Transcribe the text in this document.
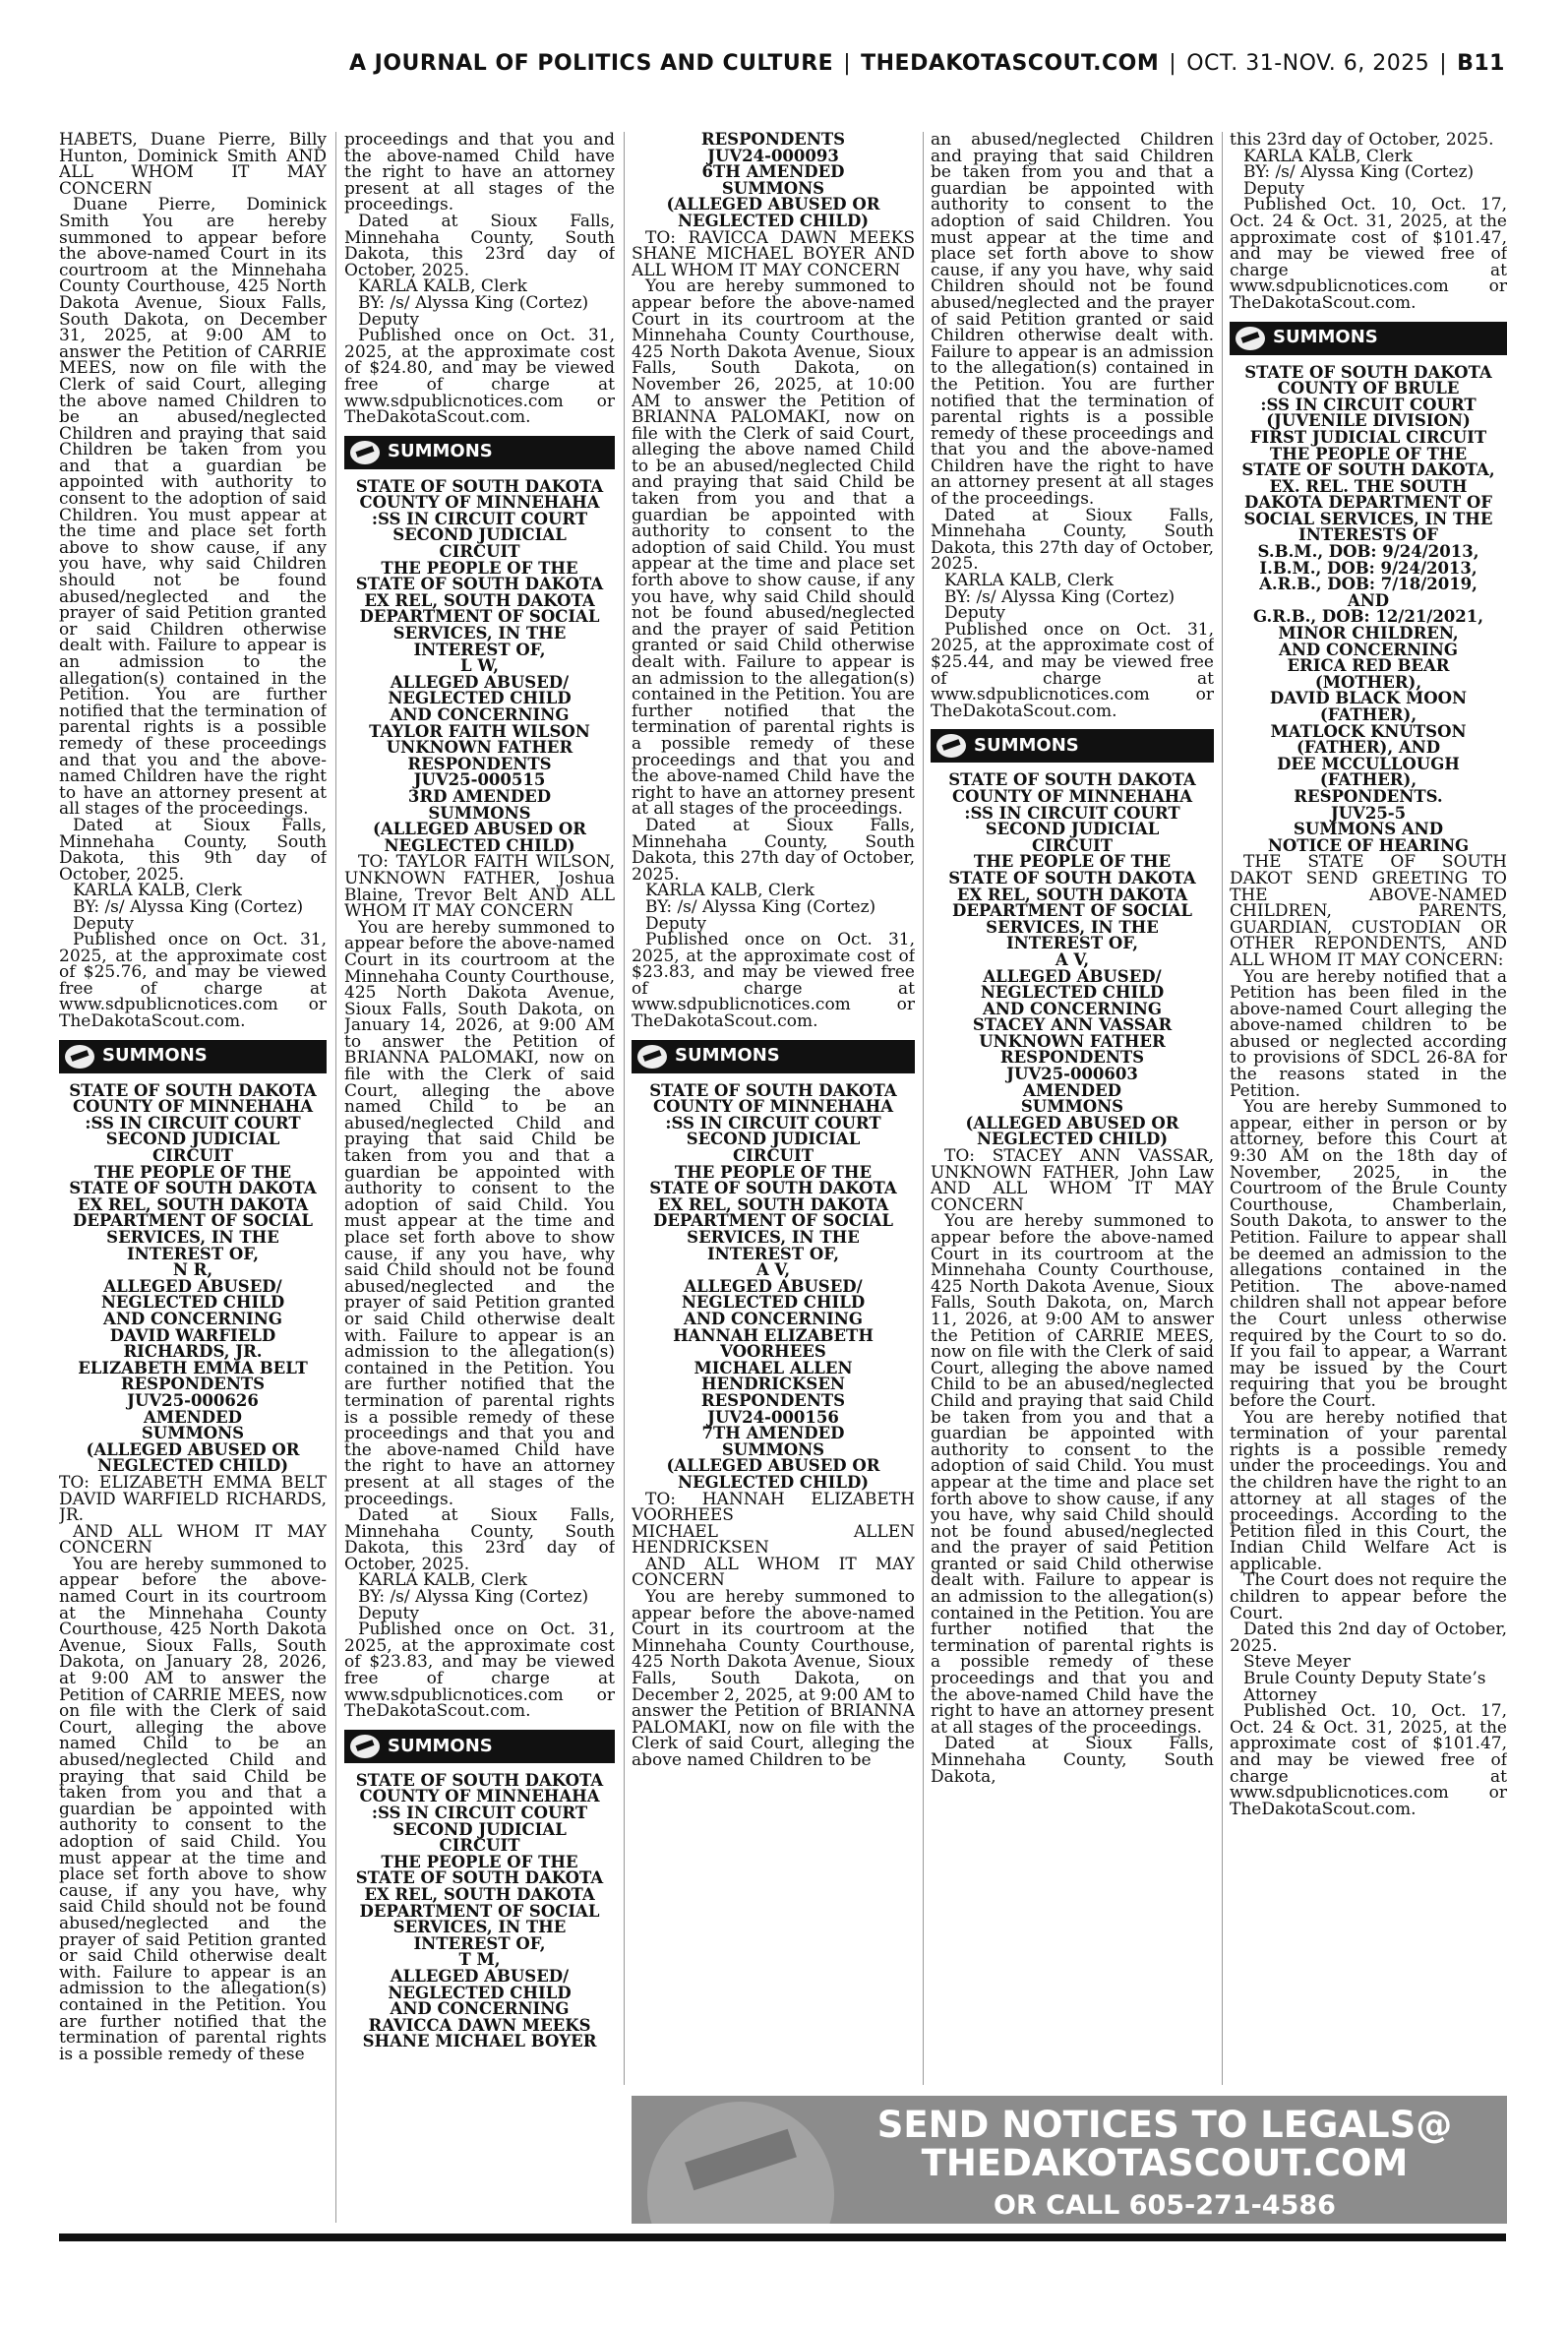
A JOURNAL OF POLITICS AND CULTURE | THEDAKOTASCOUT.COM | OCT. 31-NOV. 6, 2025 | B11

HABETS, Duane Pierre, Billy Hunton, Dominick Smith AND ALL WHOM IT MAY CONCERN

Duane Pierre, Dominick Smith You are hereby summoned to appear before the above-named Court in its courtroom at the Minnehaha County Courthouse, 425 North Dakota Avenue, Sioux Falls, South Dakota, on December 31, 2025, at 9:00 AM to answer the Petition of CARRIE MEES, now on file with the Clerk of said Court, alleging the above named Children to be an abused/neglected Children and praying that said Children be taken from you and that a guardian be appointed with authority to consent to the adoption of said Children. You must appear at the time and place set forth above to show cause, if any you have, why said Children should not be found abused/neglected and the prayer of said Petition granted or said Children otherwise dealt with. Failure to appear is an admission to the allegation(s) contained in the Petition. You are further notified that the termination of parental rights is a possible remedy of these proceedings and that you and the above-named Children have the right to have an attorney present at all stages of the proceedings.

Dated at Sioux Falls, Minnehaha County, South Dakota, this 9th day of October, 2025.

KARLA KALB, Clerk

BY: /s/ Alyssa King (Cortez)

Deputy

Published once on Oct. 31, 2025, at the approximate cost of $25.76, and may be viewed free of charge at www.sdpublicnotices.com or TheDakotaScout.com.

SUMMONS
STATE OF SOUTH DAKOTA
COUNTY OF MINNEHAHA
:SS IN CIRCUIT COURT
SECOND JUDICIAL
CIRCUIT
THE PEOPLE OF THE
STATE OF SOUTH DAKOTA
EX REL, SOUTH DAKOTA
DEPARTMENT OF SOCIAL
SERVICES, IN THE
INTEREST OF,
N R,
ALLEGED ABUSED/
NEGLECTED CHILD
AND CONCERNING
DAVID WARFIELD
RICHARDS, JR.
ELIZABETH EMMA BELT
RESPONDENTS
JUV25-000626
AMENDED
SUMMONS
(ALLEGED ABUSED OR
NEGLECTED CHILD)

TO: ELIZABETH EMMA BELT DAVID WARFIELD RICHARDS, JR.

AND ALL WHOM IT MAY CONCERN

You are hereby summoned to appear before the above-named Court in its courtroom at the Minnehaha County Courthouse, 425 North Dakota Avenue, Sioux Falls, South Dakota, on January 28, 2026, at 9:00 AM to answer the Petition of CARRIE MEES, now on file with the Clerk of said Court, alleging the above named Child to be an abused/neglected Child and praying that said Child be taken from you and that a guardian be appointed with authority to consent to the adoption of said Child. You must appear at the time and place set forth above to show cause, if any you have, why said Child should not be found abused/neglected and the prayer of said Petition granted or said Child otherwise dealt with. Failure to appear is an admission to the allegation(s) contained in the Petition. You are further notified that the termination of parental rights is a possible remedy of these

proceedings and that you and the above-named Child have the right to have an attorney present at all stages of the proceedings.

Dated at Sioux Falls, Minnehaha County, South Dakota, this 23rd day of October, 2025.

KARLA KALB, Clerk

BY: /s/ Alyssa King (Cortez)

Deputy

Published once on Oct. 31, 2025, at the approximate cost of $24.80, and may be viewed free of charge at www.sdpublicnotices.com or TheDakotaScout.com.

SUMMONS
STATE OF SOUTH DAKOTA
COUNTY OF MINNEHAHA
:SS IN CIRCUIT COURT
SECOND JUDICIAL
CIRCUIT
THE PEOPLE OF THE
STATE OF SOUTH DAKOTA
EX REL, SOUTH DAKOTA
DEPARTMENT OF SOCIAL
SERVICES, IN THE
INTEREST OF,
L W,
ALLEGED ABUSED/
NEGLECTED CHILD
AND CONCERNING
TAYLOR FAITH WILSON
UNKNOWN FATHER
RESPONDENTS
JUV25-000515
3RD AMENDED
SUMMONS
(ALLEGED ABUSED OR
NEGLECTED CHILD)

TO: TAYLOR FAITH WILSON, UNKNOWN FATHER, Joshua Blaine, Trevor Belt AND ALL WHOM IT MAY CONCERN

You are hereby summoned to appear before the above-named Court in its courtroom at the Minnehaha County Courthouse, 425 North Dakota Avenue, Sioux Falls, South Dakota, on January 14, 2026, at 9:00 AM to answer the Petition of BRIANNA PALOMAKI, now on file with the Clerk of said Court, alleging the above named Child to be an abused/neglected Child and praying that said Child be taken from you and that a guardian be appointed with authority to consent to the adoption of said Child. You must appear at the time and place set forth above to show cause, if any you have, why said Child should not be found abused/neglected and the prayer of said Petition granted or said Child otherwise dealt with. Failure to appear is an admission to the allegation(s) contained in the Petition. You are further notified that the termination of parental rights is a possible remedy of these proceedings and that you and the above-named Child have the right to have an attorney present at all stages of the proceedings.

Dated at Sioux Falls, Minnehaha County, South Dakota, this 23rd day of October, 2025.

KARLA KALB, Clerk

BY: /s/ Alyssa King (Cortez)

Deputy

Published once on Oct. 31, 2025, at the approximate cost of $23.83, and may be viewed free of charge at www.sdpublicnotices.com or TheDakotaScout.com.

SUMMONS
STATE OF SOUTH DAKOTA
COUNTY OF MINNEHAHA
:SS IN CIRCUIT COURT
SECOND JUDICIAL
CIRCUIT
THE PEOPLE OF THE
STATE OF SOUTH DAKOTA
EX REL, SOUTH DAKOTA
DEPARTMENT OF SOCIAL
SERVICES, IN THE
INTEREST OF,
T M,
ALLEGED ABUSED/
NEGLECTED CHILD
AND CONCERNING
RAVICCA DAWN MEEKS
SHANE MICHAEL BOYER
RESPONDENTS
JUV24-000093
6TH AMENDED
SUMMONS
(ALLEGED ABUSED OR
NEGLECTED CHILD)

TO: RAVICCA DAWN MEEKS SHANE MICHAEL BOYER AND ALL WHOM IT MAY CONCERN

You are hereby summoned to appear before the above-named Court in its courtroom at the Minnehaha County Courthouse, 425 North Dakota Avenue, Sioux Falls, South Dakota, on November 26, 2025, at 10:00 AM to answer the Petition of BRIANNA PALOMAKI, now on file with the Clerk of said Court, alleging the above named Child to be an abused/neglected Child and praying that said Child be taken from you and that a guardian be appointed with authority to consent to the adoption of said Child. You must appear at the time and place set forth above to show cause, if any you have, why said Child should not be found abused/neglected and the prayer of said Petition granted or said Child otherwise dealt with. Failure to appear is an admission to the allegation(s) contained in the Petition. You are further notified that the termination of parental rights is a possible remedy of these proceedings and that you and the above-named Child have the right to have an attorney present at all stages of the proceedings.

Dated at Sioux Falls, Minnehaha County, South Dakota, this 27th day of October, 2025.

KARLA KALB, Clerk

BY: /s/ Alyssa King (Cortez)

Deputy

Published once on Oct. 31, 2025, at the approximate cost of $23.83, and may be viewed free of charge at www.sdpublicnotices.com or TheDakotaScout.com.

SUMMONS
STATE OF SOUTH DAKOTA
COUNTY OF MINNEHAHA
:SS IN CIRCUIT COURT
SECOND JUDICIAL
CIRCUIT
THE PEOPLE OF THE
STATE OF SOUTH DAKOTA
EX REL, SOUTH DAKOTA
DEPARTMENT OF SOCIAL
SERVICES, IN THE
INTEREST OF,
A V,
ALLEGED ABUSED/
NEGLECTED CHILD
AND CONCERNING
HANNAH ELIZABETH
VOORHEES
MICHAEL ALLEN
HENDRICKSEN
RESPONDENTS
JUV24-000156
7TH AMENDED
SUMMONS
(ALLEGED ABUSED OR
NEGLECTED CHILD)

TO: HANNAH ELIZABETH VOORHEES

MICHAEL ALLEN HENDRICKSEN

AND ALL WHOM IT MAY CONCERN

You are hereby summoned to appear before the above-named Court in its courtroom at the Minnehaha County Courthouse, 425 North Dakota Avenue, Sioux Falls, South Dakota, on December 2, 2025, at 9:00 AM to answer the Petition of BRIANNA PALOMAKI, now on file with the Clerk of said Court, alleging the above named Children to be

an abused/neglected Children and praying that said Children be taken from you and that a guardian be appointed with authority to consent to the adoption of said Children. You must appear at the time and place set forth above to show cause, if any you have, why said Children should not be found abused/neglected and the prayer of said Petition granted or said Children otherwise dealt with. Failure to appear is an admission to the allegation(s) contained in the Petition. You are further notified that the termination of parental rights is a possible remedy of these proceedings and that you and the above-named Children have the right to have an attorney present at all stages of the proceedings.

Dated at Sioux Falls, Minnehaha County, South Dakota, this 27th day of October, 2025.

KARLA KALB, Clerk

BY: /s/ Alyssa King (Cortez)

Deputy

Published once on Oct. 31, 2025, at the approximate cost of $25.44, and may be viewed free of charge at www.sdpublicnotices.com or TheDakotaScout.com.

SUMMONS
STATE OF SOUTH DAKOTA
COUNTY OF MINNEHAHA
:SS IN CIRCUIT COURT
SECOND JUDICIAL
CIRCUIT
THE PEOPLE OF THE
STATE OF SOUTH DAKOTA
EX REL, SOUTH DAKOTA
DEPARTMENT OF SOCIAL
SERVICES, IN THE
INTEREST OF,
A V,
ALLEGED ABUSED/
NEGLECTED CHILD
AND CONCERNING
STACEY ANN VASSAR
UNKNOWN FATHER
RESPONDENTS
JUV25-000603
AMENDED
SUMMONS
(ALLEGED ABUSED OR
NEGLECTED CHILD)

TO: STACEY ANN VASSAR, UNKNOWN FATHER, John Law AND ALL WHOM IT MAY CONCERN

You are hereby summoned to appear before the above-named Court in its courtroom at the Minnehaha County Courthouse, 425 North Dakota Avenue, Sioux Falls, South Dakota, on, March 11, 2026, at 9:00 AM to answer the Petition of CARRIE MEES, now on file with the Clerk of said Court, alleging the above named Child to be an abused/neglected Child and praying that said Child be taken from you and that a guardian be appointed with authority to consent to the adoption of said Child. You must appear at the time and place set forth above to show cause, if any you have, why said Child should not be found abused/neglected and the prayer of said Petition granted or said Child otherwise dealt with. Failure to appear is an admission to the allegation(s) contained in the Petition. You are further notified that the termination of parental rights is a possible remedy of these proceedings and that you and the above-named Child have the right to have an attorney present at all stages of the proceedings.

Dated at Sioux Falls, Minnehaha County, South Dakota,

this 23rd day of October, 2025.

KARLA KALB, Clerk

BY: /s/ Alyssa King (Cortez)

Deputy

Published Oct. 10, Oct. 17, Oct. 24 & Oct. 31, 2025, at the approximate cost of $101.47, and may be viewed free of charge at www.sdpublicnotices.com or TheDakotaScout.com.

SUMMONS
STATE OF SOUTH DAKOTA
COUNTY OF BRULE
:SS IN CIRCUIT COURT
(JUVENILE DIVISION)
FIRST JUDICIAL CIRCUIT
THE PEOPLE OF THE
STATE OF SOUTH DAKOTA,
EX. REL. THE SOUTH
DAKOTA DEPARTMENT OF
SOCIAL SERVICES, IN THE
INTERESTS OF
S.B.M., DOB: 9/24/2013,
I.B.M., DOB: 9/24/2013,
A.R.B., DOB: 7/18/2019,
AND
G.R.B., DOB: 12/21/2021,
MINOR CHILDREN,
AND CONCERNING
ERICA RED BEAR
(MOTHER),
DAVID BLACK MOON
(FATHER),
MATLOCK KNUTSON
(FATHER), AND
DEE MCCULLOUGH
(FATHER),
RESPONDENTS.
JUV25-5
SUMMONS AND
NOTICE OF HEARING

THE STATE OF SOUTH DAKOT SEND GREETING TO THE ABOVE-NAMED CHILDREN, PARENTS, GUARDIAN, CUSTODIAN OR OTHER REPONDENTS, AND ALL WHOM IT MAY CONCERN:

You are hereby notified that a Petition has been filed in the above-named Court alleging the above-named children to be abused or neglected according to provisions of SDCL 26-8A for the reasons stated in the Petition.

You are hereby Summoned to appear, either in person or by attorney, before this Court at 9:30 AM on the 18th day of November, 2025, in the Courtroom of the Brule County Courthouse, Chamberlain, South Dakota, to answer to the Petition. Failure to appear shall be deemed an admission to the allegations contained in the Petition. The above-named children shall not appear before the Court unless otherwise required by the Court to so do. If you fail to appear, a Warrant may be issued by the Court requiring that you be brought before the Court.

You are hereby notified that termination of your parental rights is a possible remedy under the proceedings. You and the children have the right to an attorney at all stages of the proceedings. According to the Petition filed in this Court, the Indian Child Welfare Act is applicable.

The Court does not require the children to appear before the Court.

Dated this 2nd day of October, 2025.

Steve Meyer

Brule County Deputy State’s Attorney

Published Oct. 10, Oct. 17, Oct. 24 & Oct. 31, 2025, at the approximate cost of $101.47, and may be viewed free of charge at www.sdpublicnotices.com or TheDakotaScout.com.

SEND NOTICES TO LEGALS@
THEDAKOTASCOUT.COM
OR CALL 605-271-4586
